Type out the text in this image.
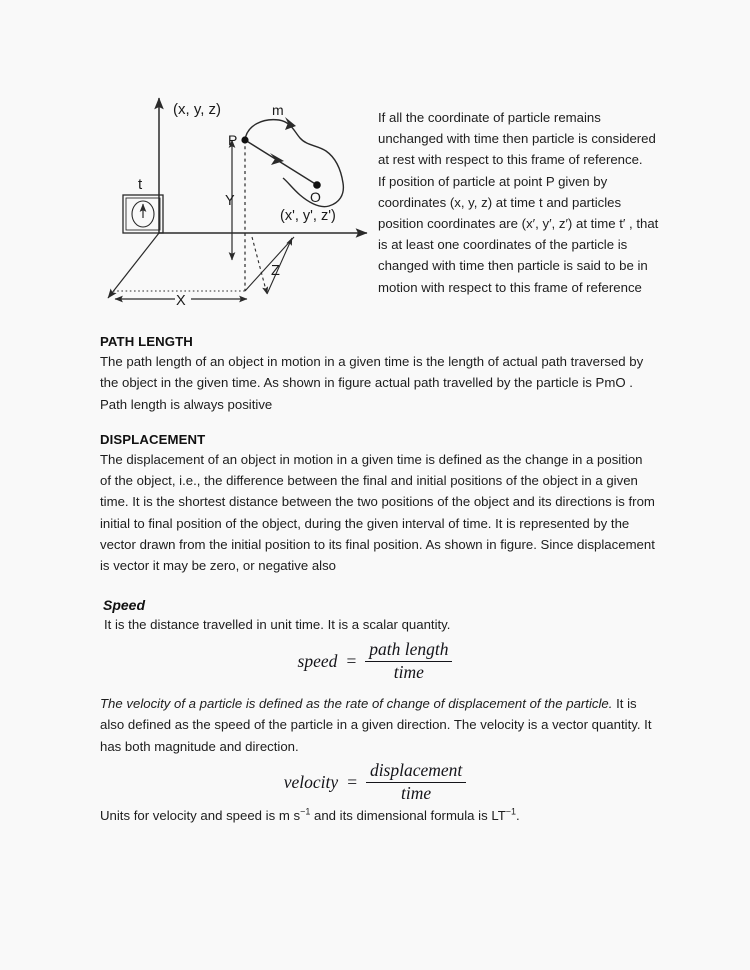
(x, y, z)
P
m
O
(x', y', z')
t
Y
Z
X

If all the coordinate of particle remains unchanged with time then particle is considered at rest with respect to this frame of reference.

If position of particle at point P given by coordinates (x, y, z) at time t and particles position coordinates are (x′, y′, z′) at time t′ , that is at least one coordinates of the particle is changed with time then particle is said to be in motion with respect to this frame of reference

PATH LENGTH

The path length of an object in motion in a given time is the length of actual path traversed by the object in the given time. As shown in figure actual path travelled by the particle is PmO . Path length is always positive

DISPLACEMENT

The displacement of an object in motion in a given time is defined as the change in a position of the object, i.e., the difference between the final and initial positions of the object in a given time. It is the shortest distance between the two positions of the object and its directions is from initial to final position of the object, during the given interval of time. It is represented by the vector drawn from the initial position to its final position. As shown in figure. Since displacement is vector it may be zero, or negative also

Speed

It is the distance travelled in unit time. It is a scalar quantity.

speed = $\frac{\text{path length}}{\text{time}}$

The velocity of a particle is defined as the rate of change of displacement of the particle. It is also defined as the speed of the particle in a given direction. The velocity is a vector quantity. It has both magnitude and direction.

velocity = $\frac{\text{displacement}}{\text{time}}$

Units for velocity and speed is m $s^{-1}$ and its dimensional formula is $LT^{-1}$.
